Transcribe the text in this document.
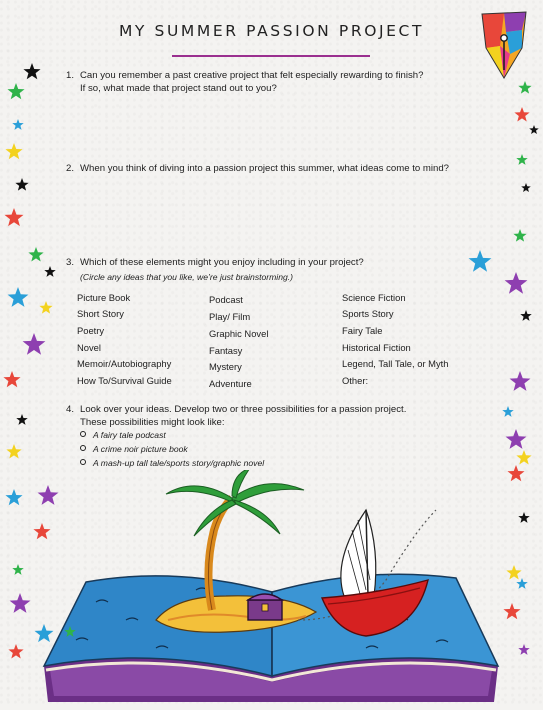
MY SUMMER PASSION PROJECT
1. Can you remember a past creative project that felt especially rewarding to finish?
If so, what made that project stand out to you?
2. When you think of diving into a passion project this summer, what ideas come to mind?
3. Which of these elements might you enjoy including in your project?
(Circle any ideas that you like, we’re just brainstorming.)
Picture Book
Short Story
Poetry
Novel
Memoir/Autobiography
How To/Survival Guide
Podcast
Play/ Film
Graphic Novel
Fantasy
Mystery
Adventure
Science Fiction
Sports Story
Fairy Tale
Historical Fiction
Legend, Tall Tale, or Myth
Other:
4. Look over your ideas. Develop two or three possibilities for a passion project.
These possibilities might look like:
A fairy tale podcast
A crime noir picture book
A mash-up tall tale/sports story/graphic novel
